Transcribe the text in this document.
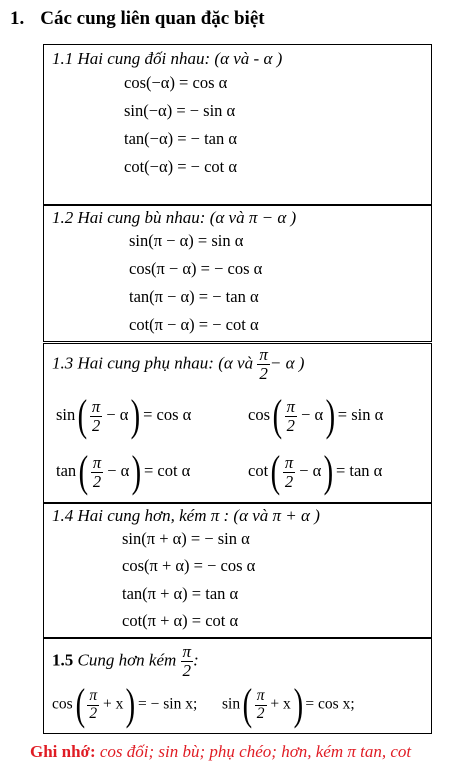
1. Các cung liên quan đặc biệt
1.1 Hai cung đối nhau: (α và - α )
cos(−α) = cos α
sin(−α) = − sin α
tan(−α) = − tan α
cot(−α) = − cot α
1.2 Hai cung bù nhau: (α và π − α )
sin(π − α) = sin α
cos(π − α) = − cos α
tan(π − α) = − tan α
cot(π − α) = − cot α
1.3 Hai cung phụ nhau: (α và $\frac{\pi}{2} - \alpha$ )
$\sin( \frac{\pi}{2} - \alpha) = \cos \alpha$	$\cos( \frac{\pi}{2} - \alpha) = \sin \alpha$
$\tan( \frac{\pi}{2} - \alpha) = \cot \alpha$	$\cot( \frac{\pi}{2} - \alpha) = \tan \alpha$
1.4 Hai cung hơn, kém π : (α và π + α )
sin(π + α) = − sin α
cos(π + α) = − cos α
tan(π + α) = tan α
cot(π + α) = cot α
1.5 Cung hơn kém $\frac{\pi}{2}$ :
$\cos( \frac{\pi}{2} + x)$ = − sin x; $\sin( \frac{\pi}{2} + x) = \cos x$;
Ghi nhớ: cos đối; sin bù; phụ chéo; hơn, kém π tan, cot
